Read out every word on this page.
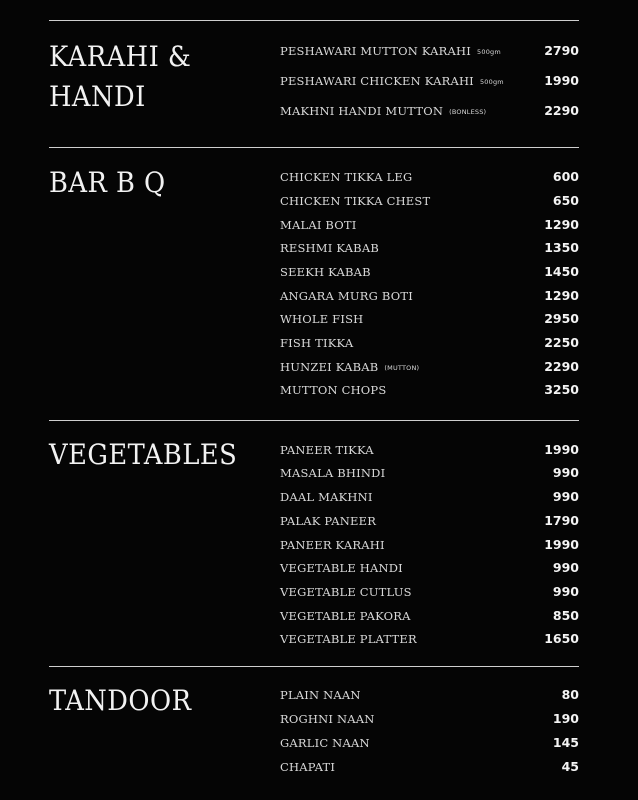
KARAHI &
HANDI
PESHAWARI MUTTON KARAHI 500gm	2790
PESHAWARI CHICKEN KARAHI 500gm	1990
MAKHNI HANDI MUTTON (BONLESS)	2290
BAR B Q	CHICKEN TIKKA LEG	600
CHICKEN TIKKA CHEST	650
MALAI BOTI	1290
RESHMI KABAB	1350
SEEKH KABAB	1450
ANGARA MURG BOTI	1290
WHOLE FISH	2950
FISH TIKKA	2250
HUNZEI KABAB (MUTTON)	2290
MUTTON CHOPS	3250
VEGETABLES	PANEER TIKKA	1990
MASALA BHINDI	990
DAAL MAKHNI	990
PALAK PANEER	1790
PANEER KARAHI	1990
VEGETABLE HANDI	990
VEGETABLE CUTLUS	990
VEGETABLE PAKORA	850
VEGETABLE PLATTER	1650
TANDOOR	PLAIN NAAN	80
ROGHNI NAAN	190
GARLIC NAAN	145
CHAPATI	45
